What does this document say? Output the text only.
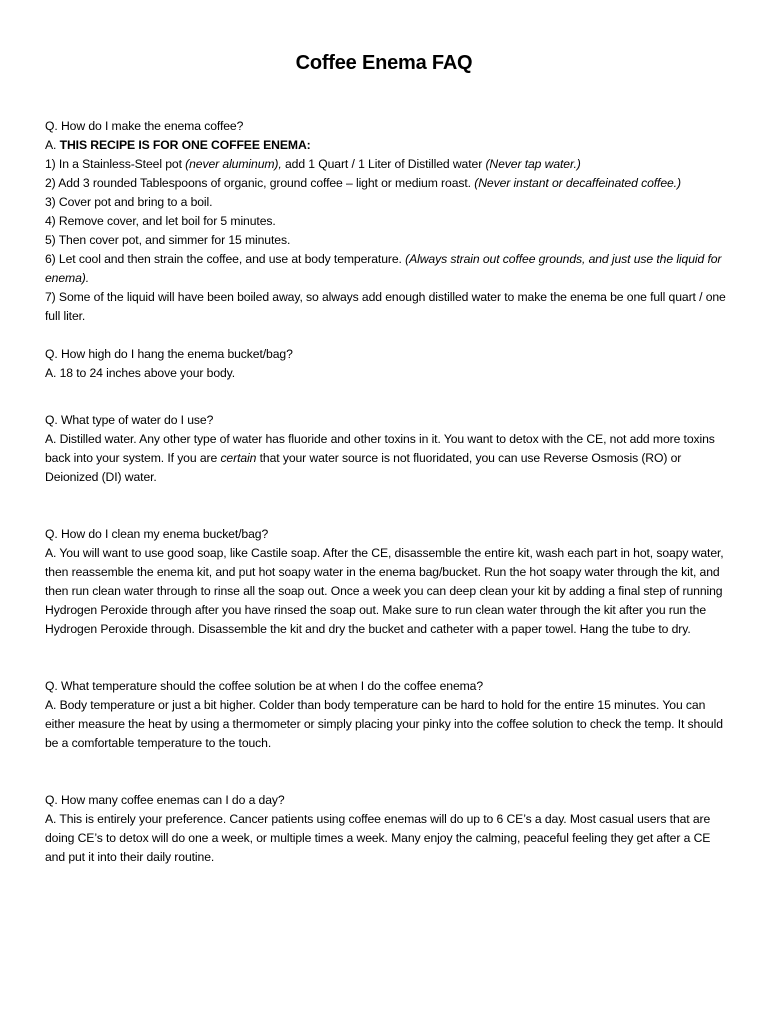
Coffee Enema FAQ
Q. How do I make the enema coffee?
A. THIS RECIPE IS FOR ONE COFFEE ENEMA:
1) In a Stainless-Steel pot (never aluminum), add 1 Quart / 1 Liter of Distilled water (Never tap water.)
2) Add 3 rounded Tablespoons of organic, ground coffee – light or medium roast. (Never instant or decaffeinated coffee.)
3) Cover pot and bring to a boil.
4) Remove cover, and let boil for 5 minutes.
5) Then cover pot, and simmer for 15 minutes.
6) Let cool and then strain the coffee, and use at body temperature. (Always strain out coffee grounds, and just use the liquid for enema).
7) Some of the liquid will have been boiled away, so always add enough distilled water to make the enema be one full quart / one full liter.
Q. How high do I hang the enema bucket/bag?
A. 18 to 24 inches above your body.
Q. What type of water do I use?
A. Distilled water. Any other type of water has fluoride and other toxins in it. You want to detox with the CE, not add more toxins back into your system. If you are certain that your water source is not fluoridated, you can use Reverse Osmosis (RO) or Deionized (DI) water.
Q. How do I clean my enema bucket/bag?
A. You will want to use good soap, like Castile soap. After the CE, disassemble the entire kit, wash each part in hot, soapy water, then reassemble the enema kit, and put hot soapy water in the enema bag/bucket. Run the hot soapy water through the kit, and then run clean water through to rinse all the soap out. Once a week you can deep clean your kit by adding a final step of running Hydrogen Peroxide through after you have rinsed the soap out. Make sure to run clean water through the kit after you run the Hydrogen Peroxide through. Disassemble the kit and dry the bucket and catheter with a paper towel. Hang the tube to dry.
Q. What temperature should the coffee solution be at when I do the coffee enema?
A. Body temperature or just a bit higher. Colder than body temperature can be hard to hold for the entire 15 minutes. You can either measure the heat by using a thermometer or simply placing your pinky into the coffee solution to check the temp. It should be a comfortable temperature to the touch.
Q. How many coffee enemas can I do a day?
A. This is entirely your preference. Cancer patients using coffee enemas will do up to 6 CE’s a day. Most casual users that are doing CE’s to detox will do one a week, or multiple times a week. Many enjoy the calming, peaceful feeling they get after a CE and put it into their daily routine.
